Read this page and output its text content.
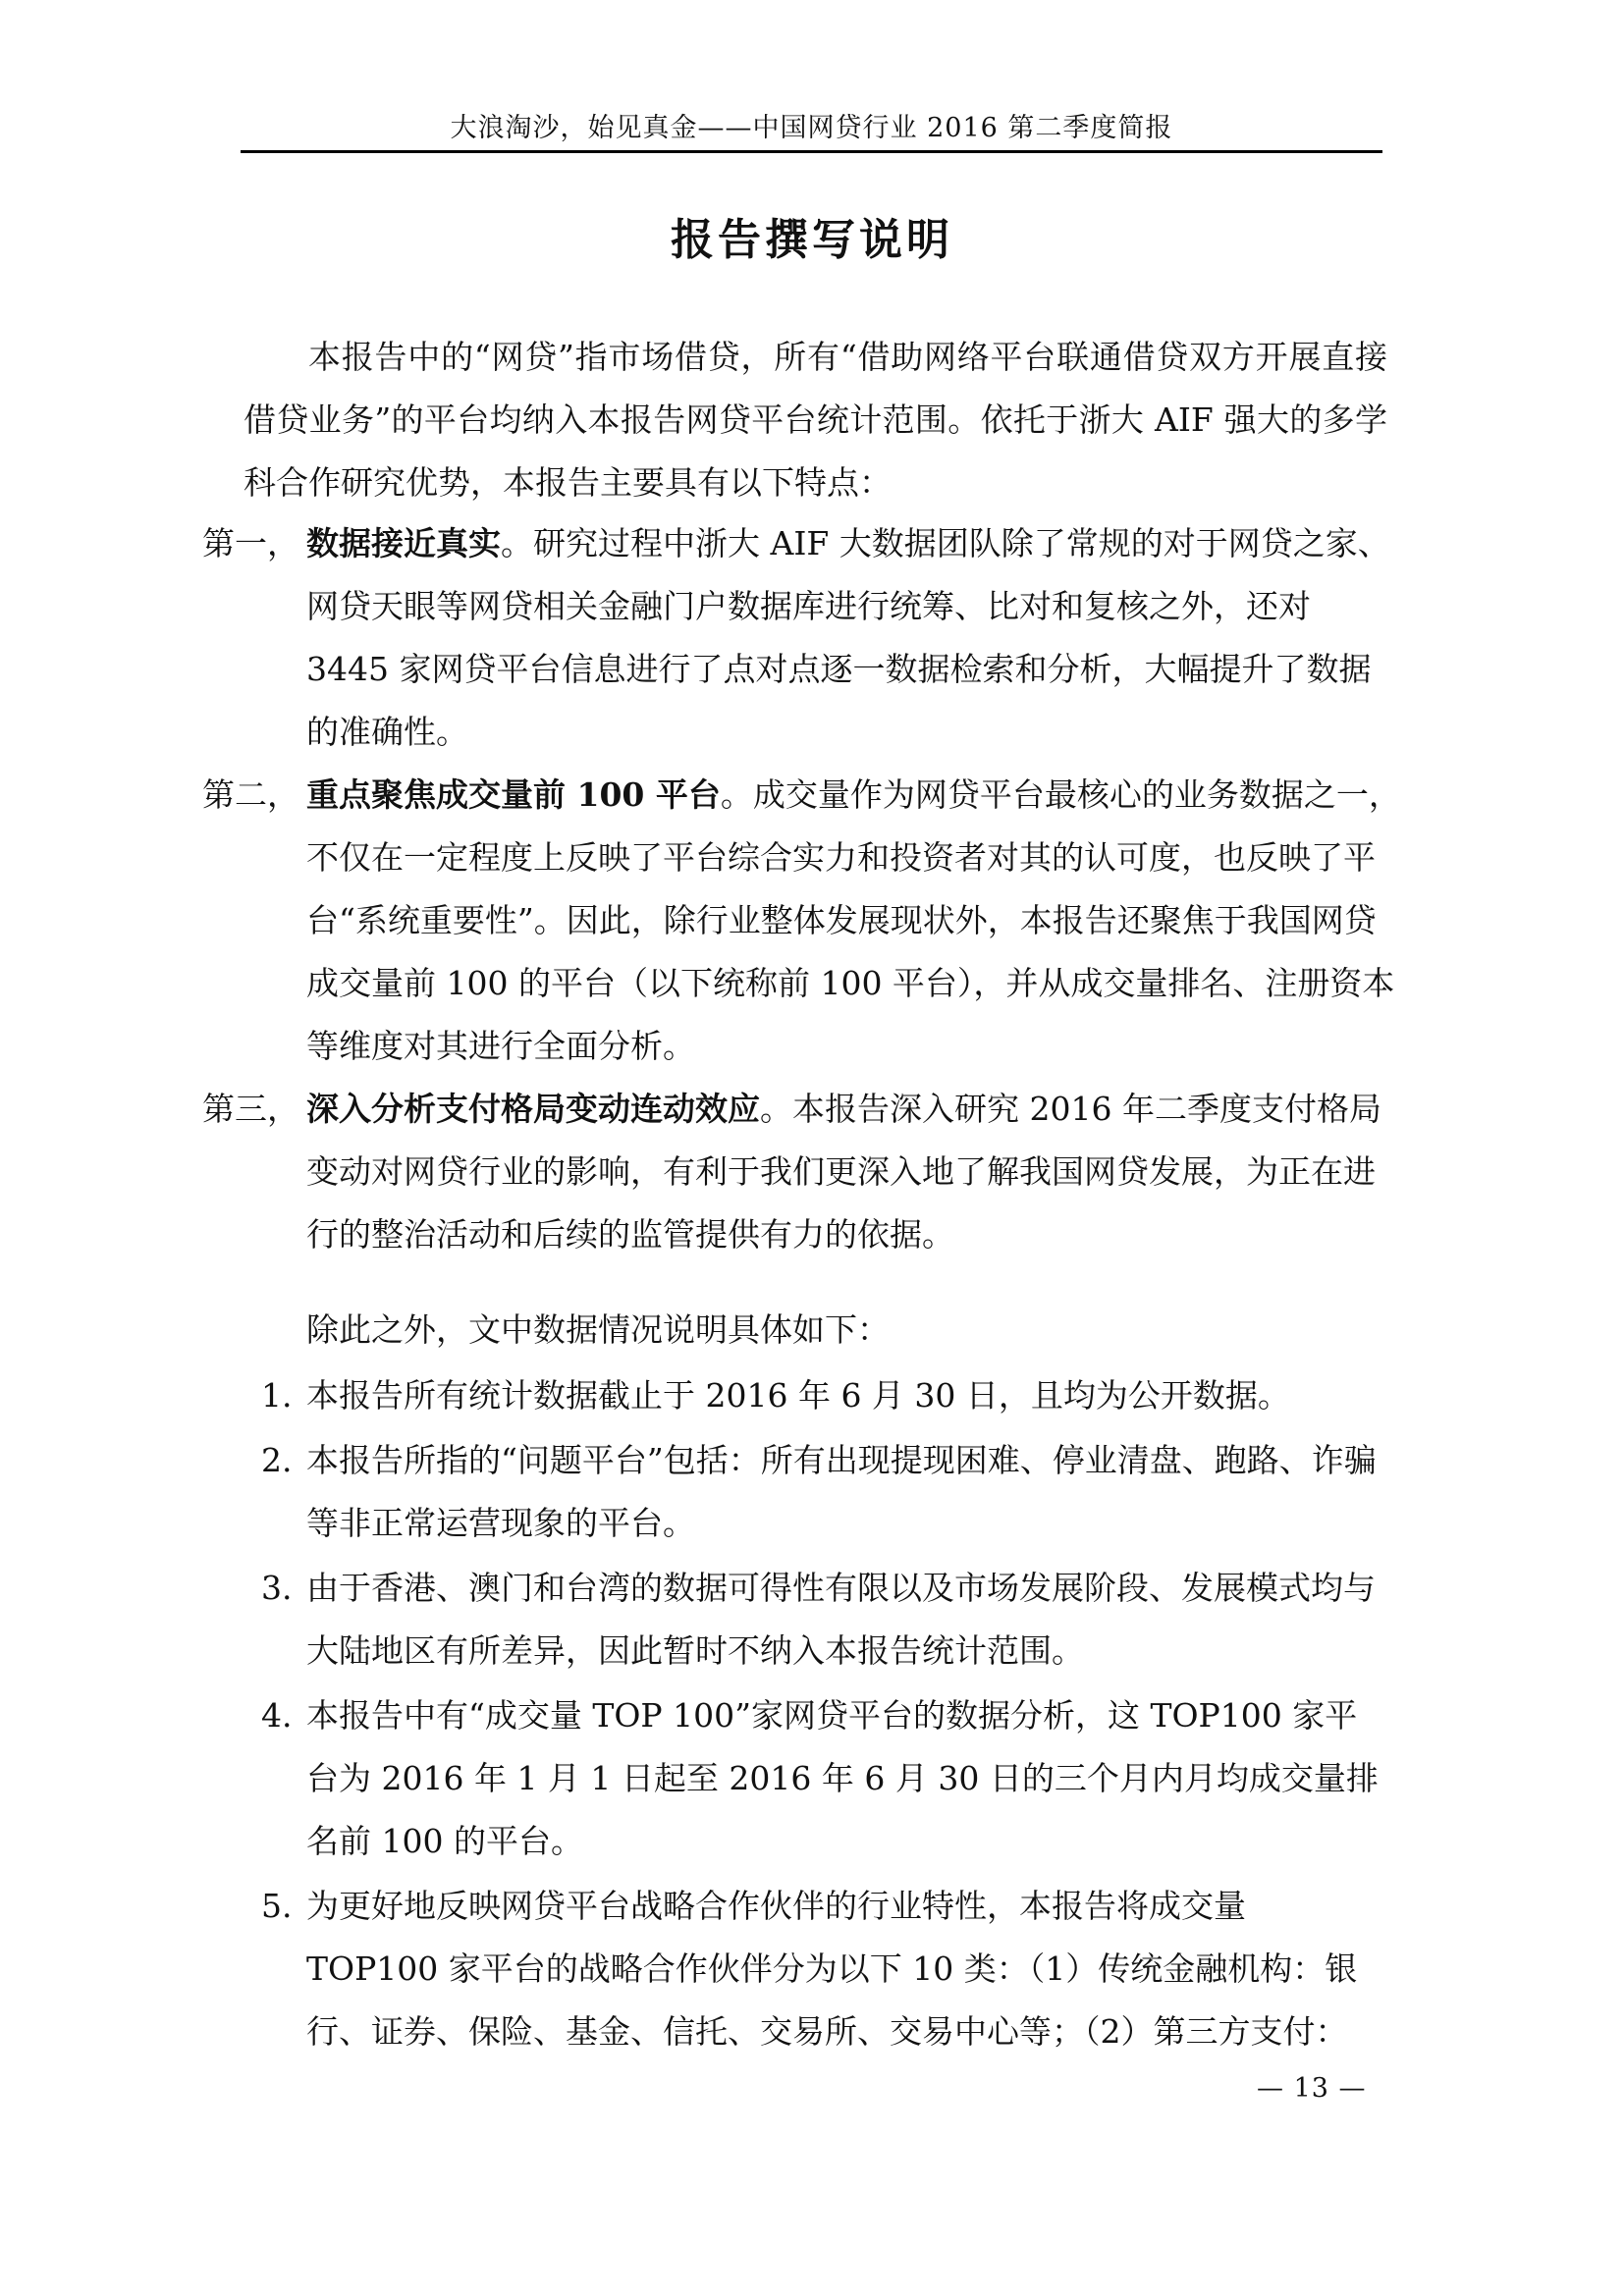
大浪淘沙，始见真金——中国网贷行业 2016 第二季度简报
报告撰写说明
本报告中的“网贷”指市场借贷，所有“借助网络平台联通借贷双方开展直接借贷业务”的平台均纳入本报告网贷平台统计范围。依托于浙大 AIF 强大的多学科合作研究优势，本报告主要具有以下特点：
第一， 数据接近真实。研究过程中浙大 AIF 大数据团队除了常规的对于网贷之家、网贷天眼等网贷相关金融门户数据库进行统筹、比对和复核之外，还对 3445 家网贷平台信息进行了点对点逐一数据检索和分析，大幅提升了数据的准确性。
第二， 重点聚焦成交量前 100 平台。成交量作为网贷平台最核心的业务数据之一，不仅在一定程度上反映了平台综合实力和投资者对其的认可度，也反映了平台“系统重要性”。因此，除行业整体发展现状外，本报告还聚焦于我国网贷成交量前 100 的平台（以下统称前 100 平台），并从成交量排名、注册资本等维度对其进行全面分析。
第三， 深入分析支付格局变动连动效应。本报告深入研究 2016 年二季度支付格局变动对网贷行业的影响，有利于我们更深入地了解我国网贷发展，为正在进行的整治活动和后续的监管提供有力的依据。
除此之外，文中数据情况说明具体如下：
1. 本报告所有统计数据截止于 2016 年 6 月 30 日，且均为公开数据。
2. 本报告所指的“问题平台”包括：所有出现提现困难、停业清盘、跑路、诈骗等非正常运营现象的平台。
3. 由于香港、澳门和台湾的数据可得性有限以及市场发展阶段、发展模式均与大陆地区有所差异，因此暂时不纳入本报告统计范围。
4. 本报告中有“成交量 TOP 100”家网贷平台的数据分析，这 TOP100 家平台为 2016 年 1 月 1 日起至 2016 年 6 月 30 日的三个月内月均成交量排名前 100 的平台。
5. 为更好地反映网贷平台战略合作伙伴的行业特性，本报告将成交量 TOP100 家平台的战略合作伙伴分为以下 10 类：（1）传统金融机构：银行、证券、保险、基金、信托、交易所、交易中心等；（2）第三方支付：
— 13 —
